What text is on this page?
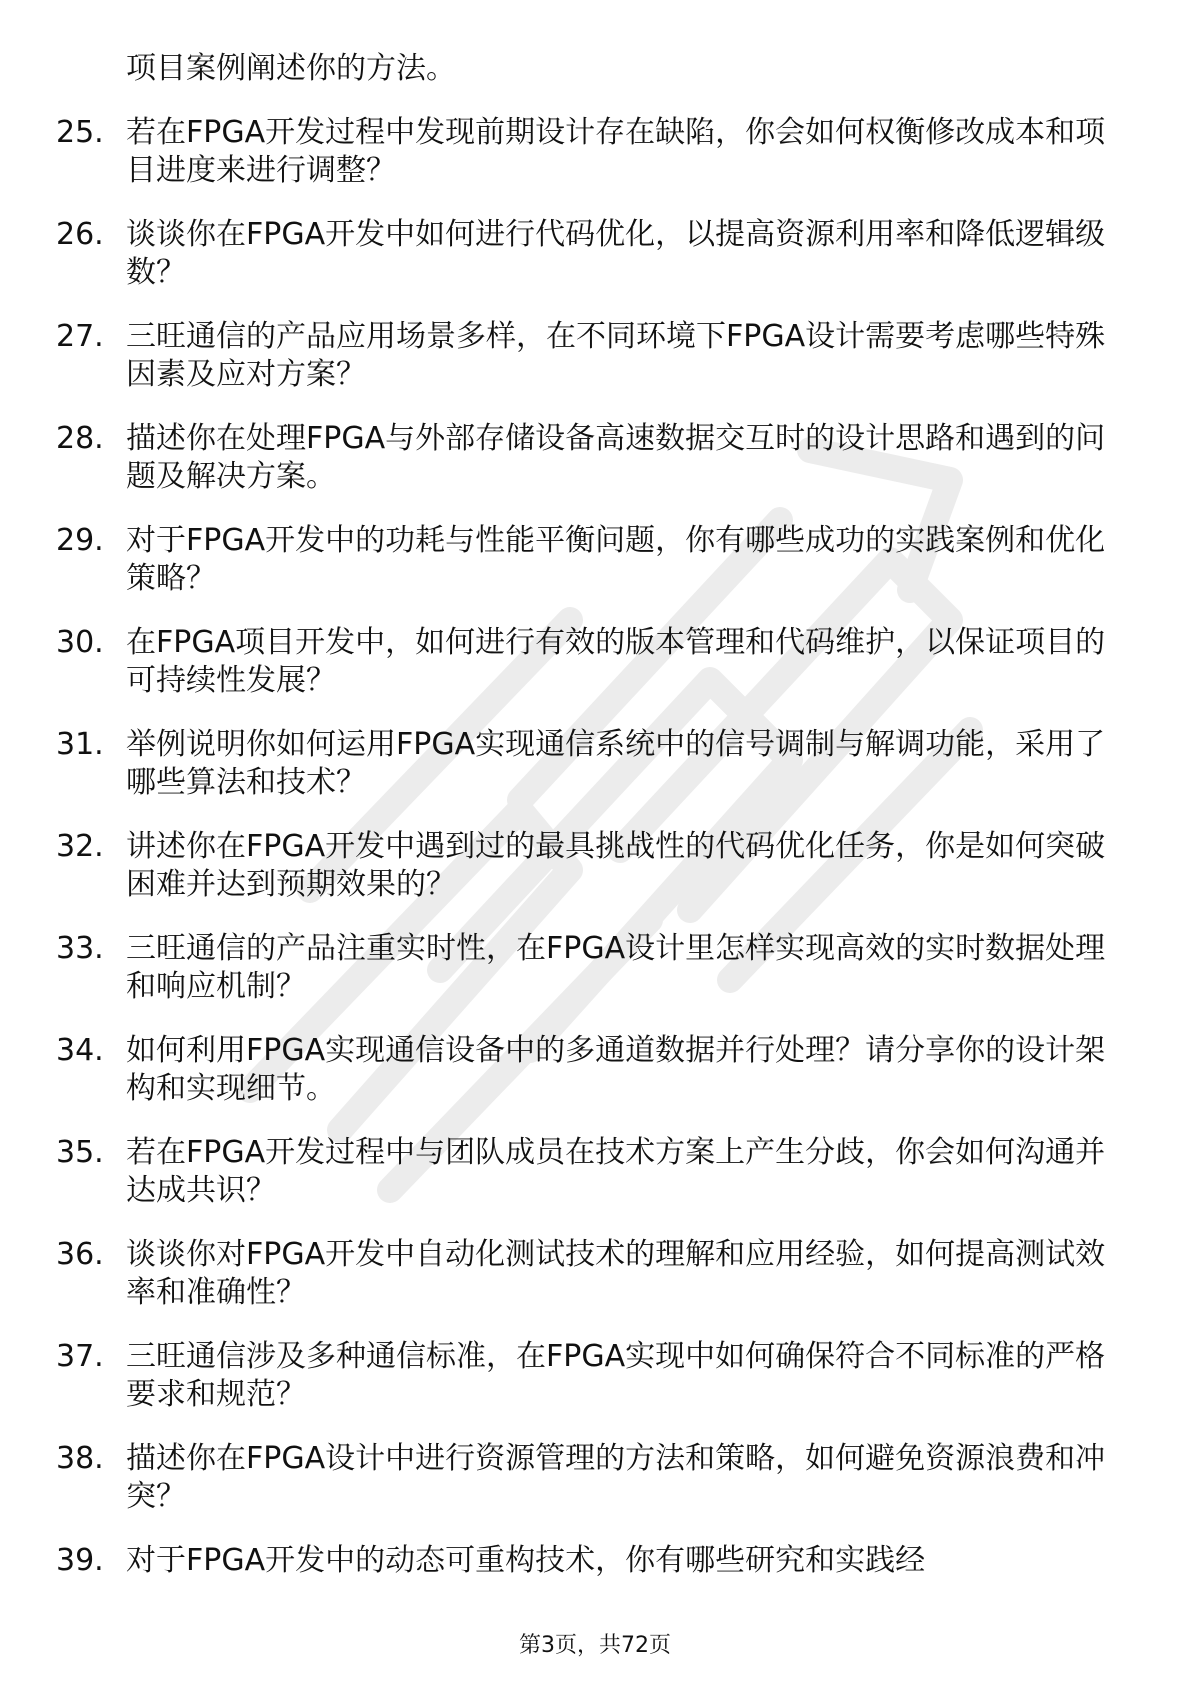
项目案例阐述你的方法。
25. 若在FPGA开发过程中发现前期设计存在缺陷，你会如何权衡修改成本和项目进度来进行调整？
26. 谈谈你在FPGA开发中如何进行代码优化，以提高资源利用率和降低逻辑级数？
27. 三旺通信的产品应用场景多样，在不同环境下FPGA设计需要考虑哪些特殊因素及应对方案？
28. 描述你在处理FPGA与外部存储设备高速数据交互时的设计思路和遇到的问题及解决方案。
29. 对于FPGA开发中的功耗与性能平衡问题，你有哪些成功的实践案例和优化策略？
30. 在FPGA项目开发中，如何进行有效的版本管理和代码维护，以保证项目的可持续性发展？
31. 举例说明你如何运用FPGA实现通信系统中的信号调制与解调功能，采用了哪些算法和技术？
32. 讲述你在FPGA开发中遇到过的最具挑战性的代码优化任务，你是如何突破困难并达到预期效果的？
33. 三旺通信的产品注重实时性，在FPGA设计里怎样实现高效的实时数据处理和响应机制？
34. 如何利用FPGA实现通信设备中的多通道数据并行处理？请分享你的设计架构和实现细节。
35. 若在FPGA开发过程中与团队成员在技术方案上产生分歧，你会如何沟通并达成共识？
36. 谈谈你对FPGA开发中自动化测试技术的理解和应用经验，如何提高测试效率和准确性？
37. 三旺通信涉及多种通信标准，在FPGA实现中如何确保符合不同标准的严格要求和规范？
38. 描述你在FPGA设计中进行资源管理的方法和策略，如何避免资源浪费和冲突？
39. 对于FPGA开发中的动态可重构技术，你有哪些研究和实践经
第3页，共72页
